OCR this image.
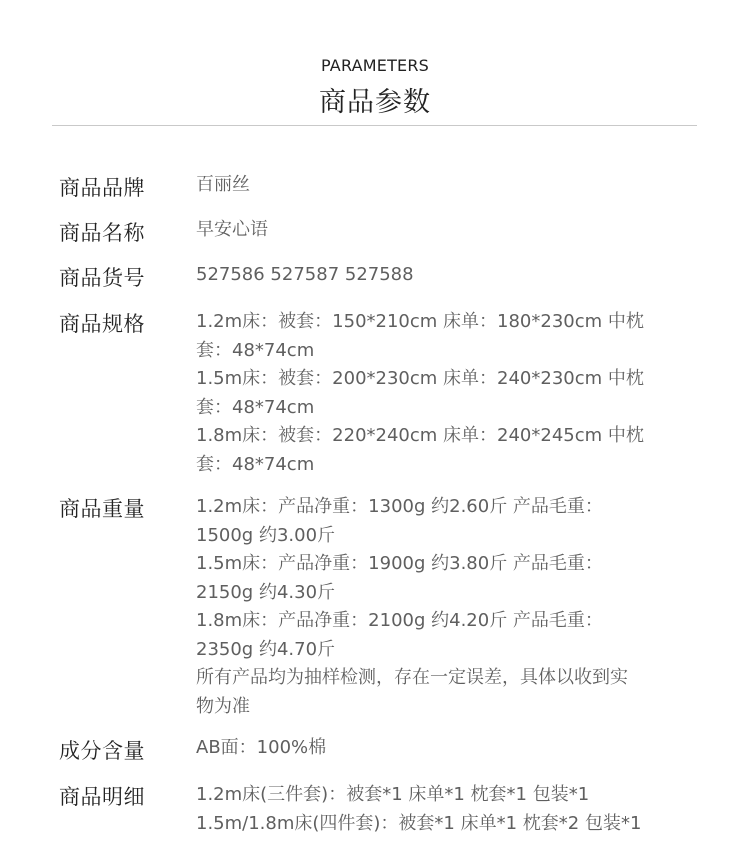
PARAMETERS
商品参数
商品品牌	百丽丝
商品名称	早安心语
商品货号	527586 527587 527588
商品规格	1.2m床：被套：150*210cm 床单：180*230cm 中枕
套：48*74cm
1.5m床：被套：200*230cm 床单：240*230cm 中枕
套：48*74cm
1.8m床：被套：220*240cm 床单：240*245cm 中枕
套：48*74cm
商品重量	1.2m床：产品净重：1300g 约2.60斤 产品毛重：
1500g 约3.00斤
1.5m床：产品净重：1900g 约3.80斤 产品毛重：
2150g 约4.30斤
1.8m床：产品净重：2100g 约4.20斤 产品毛重：
2350g 约4.70斤
所有产品均为抽样检测，存在一定误差，具体以收到实
物为准
成分含量	AB面：100%棉
商品明细	1.2m床(三件套)：被套*1 床单*1 枕套*1 包装*1
1.5m/1.8m床(四件套)：被套*1 床单*1 枕套*2 包装*1
